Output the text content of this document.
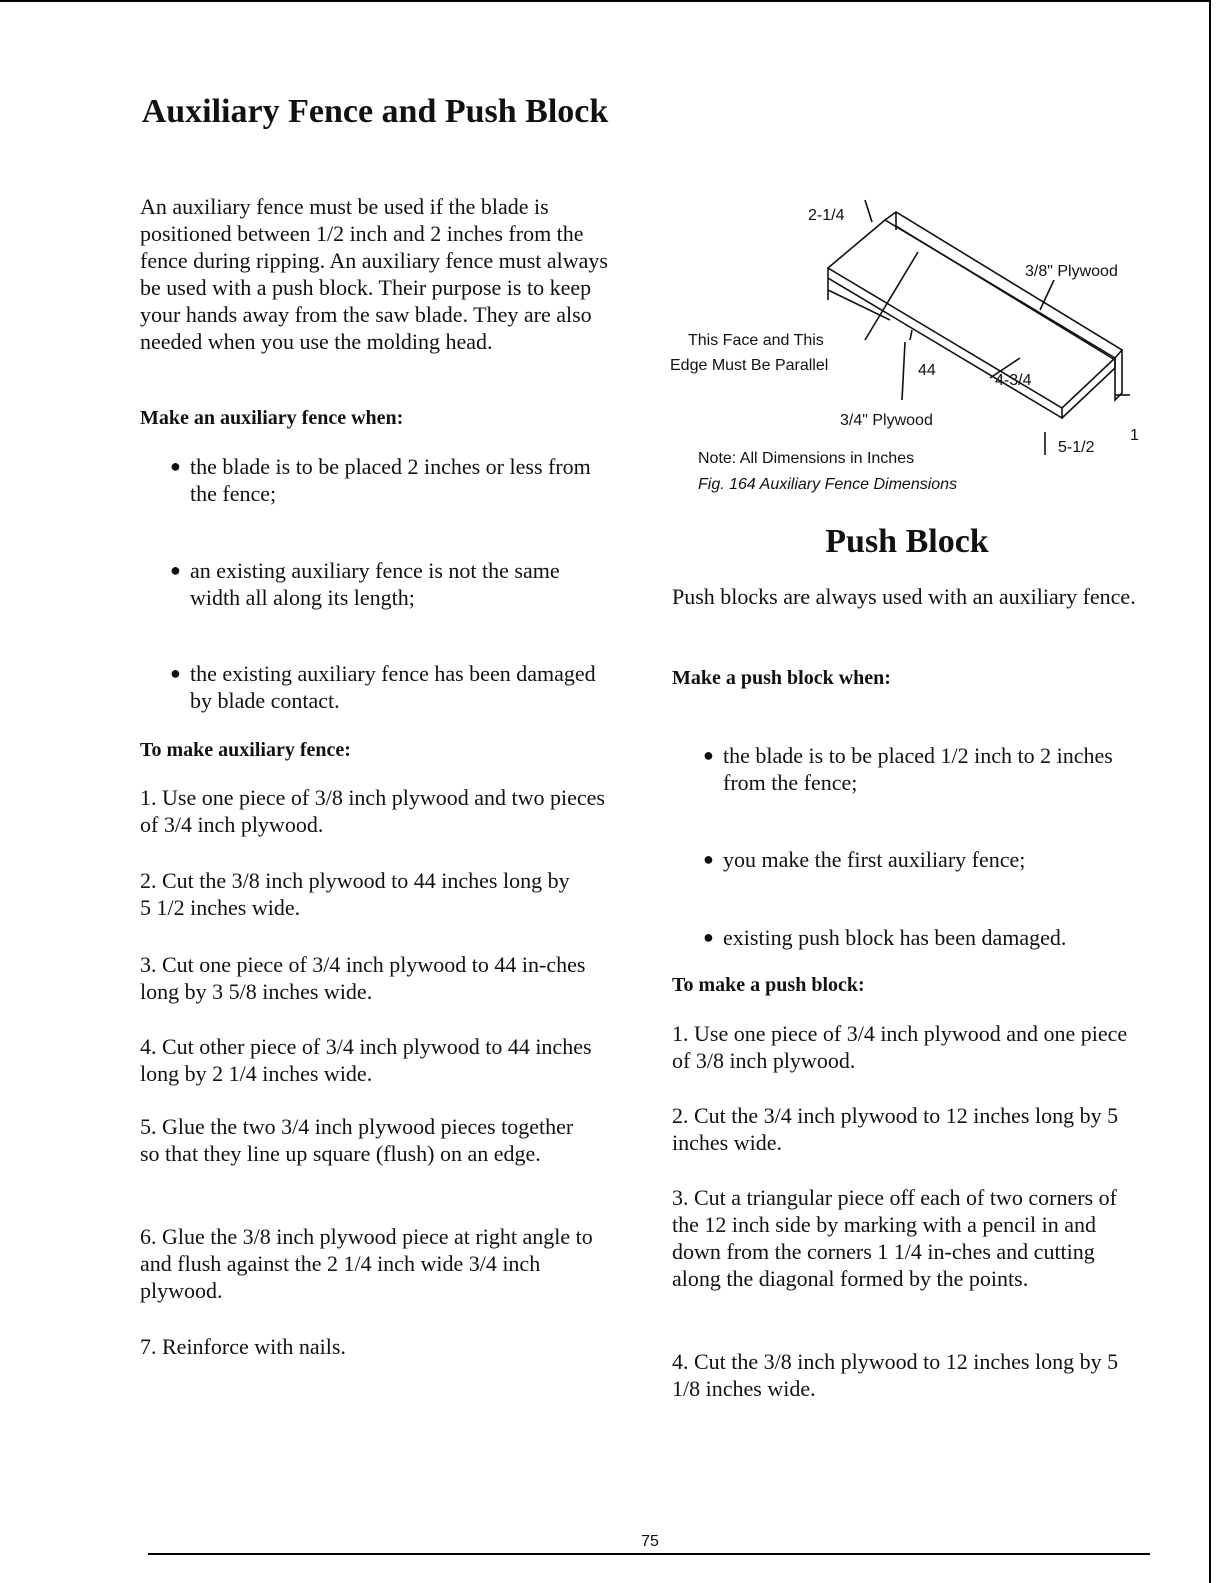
Auxiliary Fence and Push Block

An auxiliary fence must be used if the blade is positioned between 1/2 inch and 2 inches from the fence during ripping. An auxiliary fence must always be used with a push block. Their purpose is to keep your hands away from the saw blade. They are also needed when you use the molding head.

Make an auxiliary fence when:

● the blade is to be placed 2 inches or less from the fence;
● an existing auxiliary fence is not the same width all along its length;
● the existing auxiliary fence has been damaged by blade contact.

To make auxiliary fence:

1. Use one piece of 3/8 inch plywood and two pieces of 3/4 inch plywood.

2. Cut the 3/8 inch plywood to 44 inches long by 5 1/2 inches wide.

3. Cut one piece of 3/4 inch plywood to 44 in-ches long by 3 5/8 inches wide.

4. Cut other piece of 3/4 inch plywood to 44 inches long by 2 1/4 inches wide.

5. Glue the two 3/4 inch plywood pieces together so that they line up square (flush) on an edge.

6. Glue the 3/8 inch plywood piece at right angle to and flush against the 2 1/4 inch wide 3/4 inch plywood.

7. Reinforce with nails.

2-1/4
3/8" Plywood
This Face and This
Edge Must Be Parallel	44
4-3/4
3/4" Plywood
1
5-1/2
Note: All Dimensions in Inches
Fig. 164 Auxiliary Fence Dimensions
Push Block

Push blocks are always used with an auxiliary fence.

Make a push block when:

● the blade is to be placed 1/2 inch to 2 inches from the fence;
● you make the first auxiliary fence;
● existing push block has been damaged.

To make a push block:

1. Use one piece of 3/4 inch plywood and one piece of 3/8 inch plywood.

2. Cut the 3/4 inch plywood to 12 inches long by 5 inches wide.

3. Cut a triangular piece off each of two corners of the 12 inch side by marking with a pencil in and down from the corners 1 1/4 in-ches and cutting along the diagonal formed by the points.

4. Cut the 3/8 inch plywood to 12 inches long by 5 1/8 inches wide.

75
